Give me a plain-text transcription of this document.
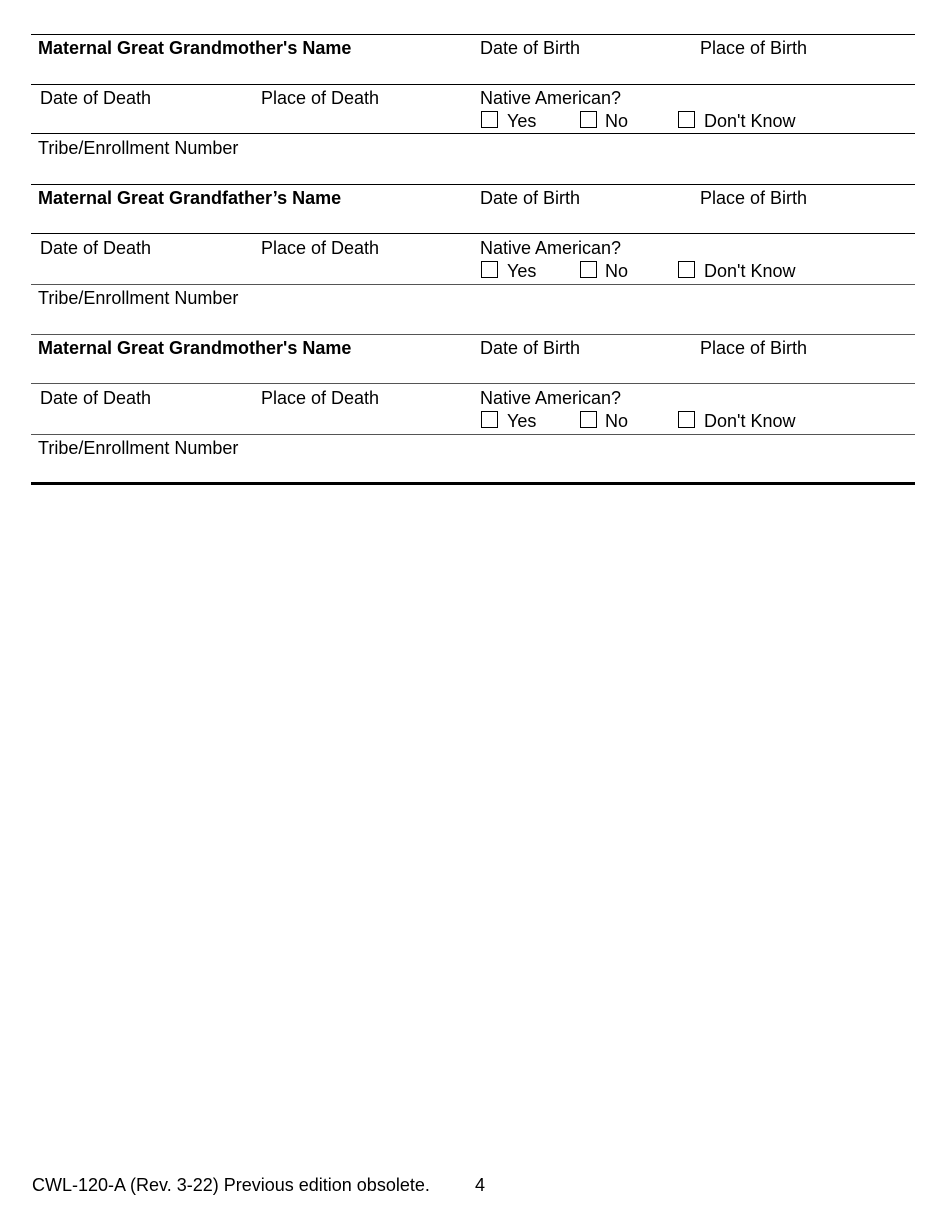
Maternal Great Grandmother's Name	Date of Birth	Place of Birth
Date of Death	Place of Death	Native American?
Yes	No	Don't Know
Tribe/Enrollment Number
Maternal Great Grandfather’s Name	Date of Birth	Place of Birth
Date of Death	Place of Death	Native American?
Yes	No	Don't Know
Tribe/Enrollment Number
Maternal Great Grandmother's Name	Date of Birth	Place of Birth
Date of Death	Place of Death	Native American?
Yes	No	Don't Know
Tribe/Enrollment Number
CWL-120-A (Rev. 3-22) Previous edition obsolete.	4
